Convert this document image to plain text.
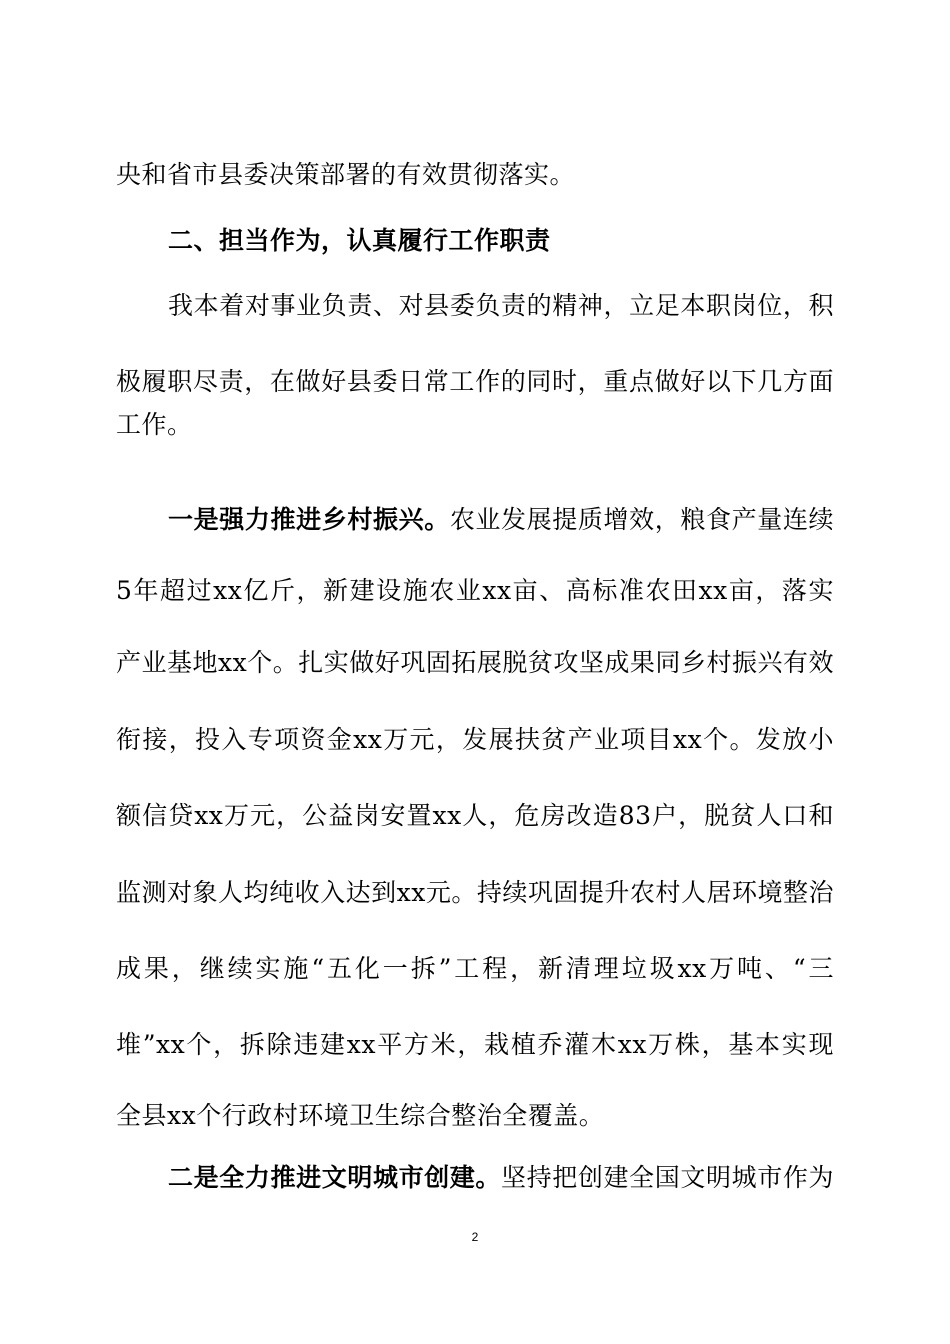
央和省市县委决策部署的有效贯彻落实。
二、担当作为，认真履行工作职责
我本着对事业负责、对县委负责的精神，立足本职岗位，积
极履职尽责，在做好县委日常工作的同时，重点做好以下几方面
工作。
一是强力推进乡村振兴。农业发展提质增效，粮食产量连续
5年超过xx亿斤，新建设施农业xx亩、高标准农田xx亩，落实
产业基地xx个。扎实做好巩固拓展脱贫攻坚成果同乡村振兴有效
衔接，投入专项资金xx万元，发展扶贫产业项目xx个。发放小
额信贷xx万元，公益岗安置xx人，危房改造83户，脱贫人口和
监测对象人均纯收入达到xx元。持续巩固提升农村人居环境整治
成果，继续实施“五化一拆”工程，新清理垃圾xx万吨、“三
堆”xx个，拆除违建xx平方米，栽植乔灌木xx万株，基本实现
全县xx个行政村环境卫生综合整治全覆盖。
二是全力推进文明城市创建。坚持把创建全国文明城市作为
2
